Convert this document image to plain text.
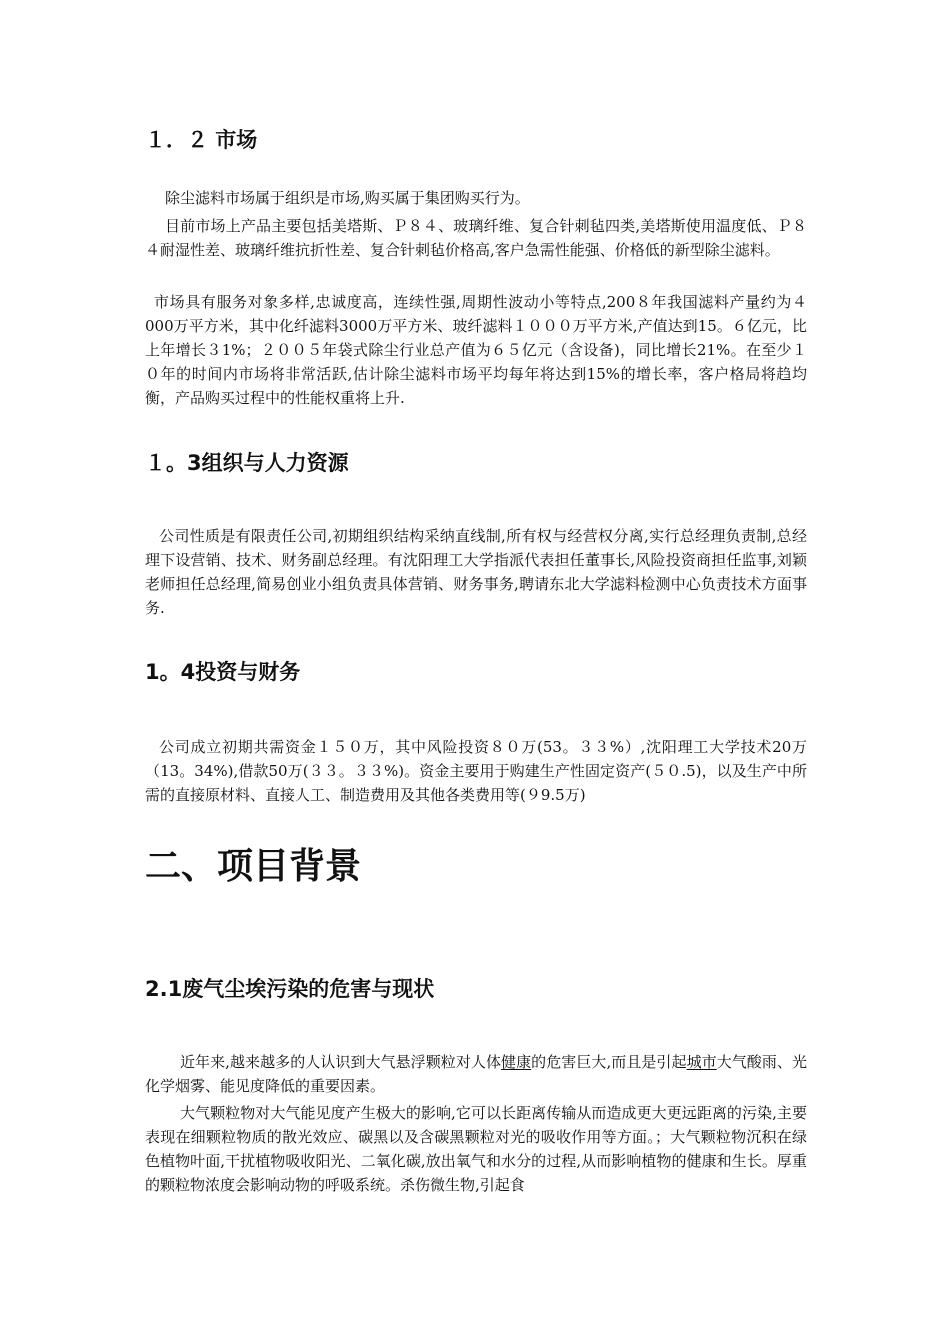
１．２ 市场

除尘滤料市场属于组织是市场,购买属于集团购买行为。

目前市场上产品主要包括美塔斯、Ｐ８４、玻璃纤维、复合针刺毡四类,美塔斯使用温度低、Ｐ８４耐湿性差、玻璃纤维抗折性差、复合针刺毡价格高,客户急需性能强、价格低的新型除尘滤料。

市场具有服务对象多样,忠诚度高，连续性强,周期性波动小等特点,200８年我国滤料产量约为４000万平方米，其中化纤滤料3000万平方米、玻纤滤料１０００万平方米,产值达到15。６亿元，比上年增长３1%；２００５年袋式除尘行业总产值为６５亿元（含设备)，同比增长21%。在至少１０年的时间内市场将非常活跃,估计除尘滤料市场平均每年将达到15%的增长率，客户格局将趋均衡，产品购买过程中的性能权重将上升.

１。3组织与人力资源

公司性质是有限责任公司,初期组织结构采纳直线制,所有权与经营权分离,实行总经理负责制,总经理下设营销、技术、财务副总经理。有沈阳理工大学指派代表担任董事长,风险投资商担任监事,刘颖老师担任总经理,简易创业小组负责具体营销、财务事务,聘请东北大学滤料检测中心负责技术方面事务.

1。4投资与财务

公司成立初期共需资金１５０万，其中风险投资８０万(53。３３%）,沈阳理工大学技术20万（13。34%),借款50万(３３。３３%)。资金主要用于购建生产性固定资产(５０.5)，以及生产中所需的直接原材料、直接人工、制造费用及其他各类费用等(９9.5万)

二、项目背景
2.1废气尘埃污染的危害与现状

近年来,越来越多的人认识到大气悬浮颗粒对人体健康的危害巨大,而且是引起城市大气酸雨、光化学烟雾、能见度降低的重要因素。

大气颗粒物对大气能见度产生极大的影响,它可以长距离传输从而造成更大更远距离的污染,主要表现在细颗粒物质的散光效应、碳黑以及含碳黑颗粒对光的吸收作用等方面。；大气颗粒物沉积在绿色植物叶面,干扰植物吸收阳光、二氧化碳,放出氧气和水分的过程,从而影响植物的健康和生长。厚重的颗粒物浓度会影响动物的呼吸系统。杀伤微生物,引起食
